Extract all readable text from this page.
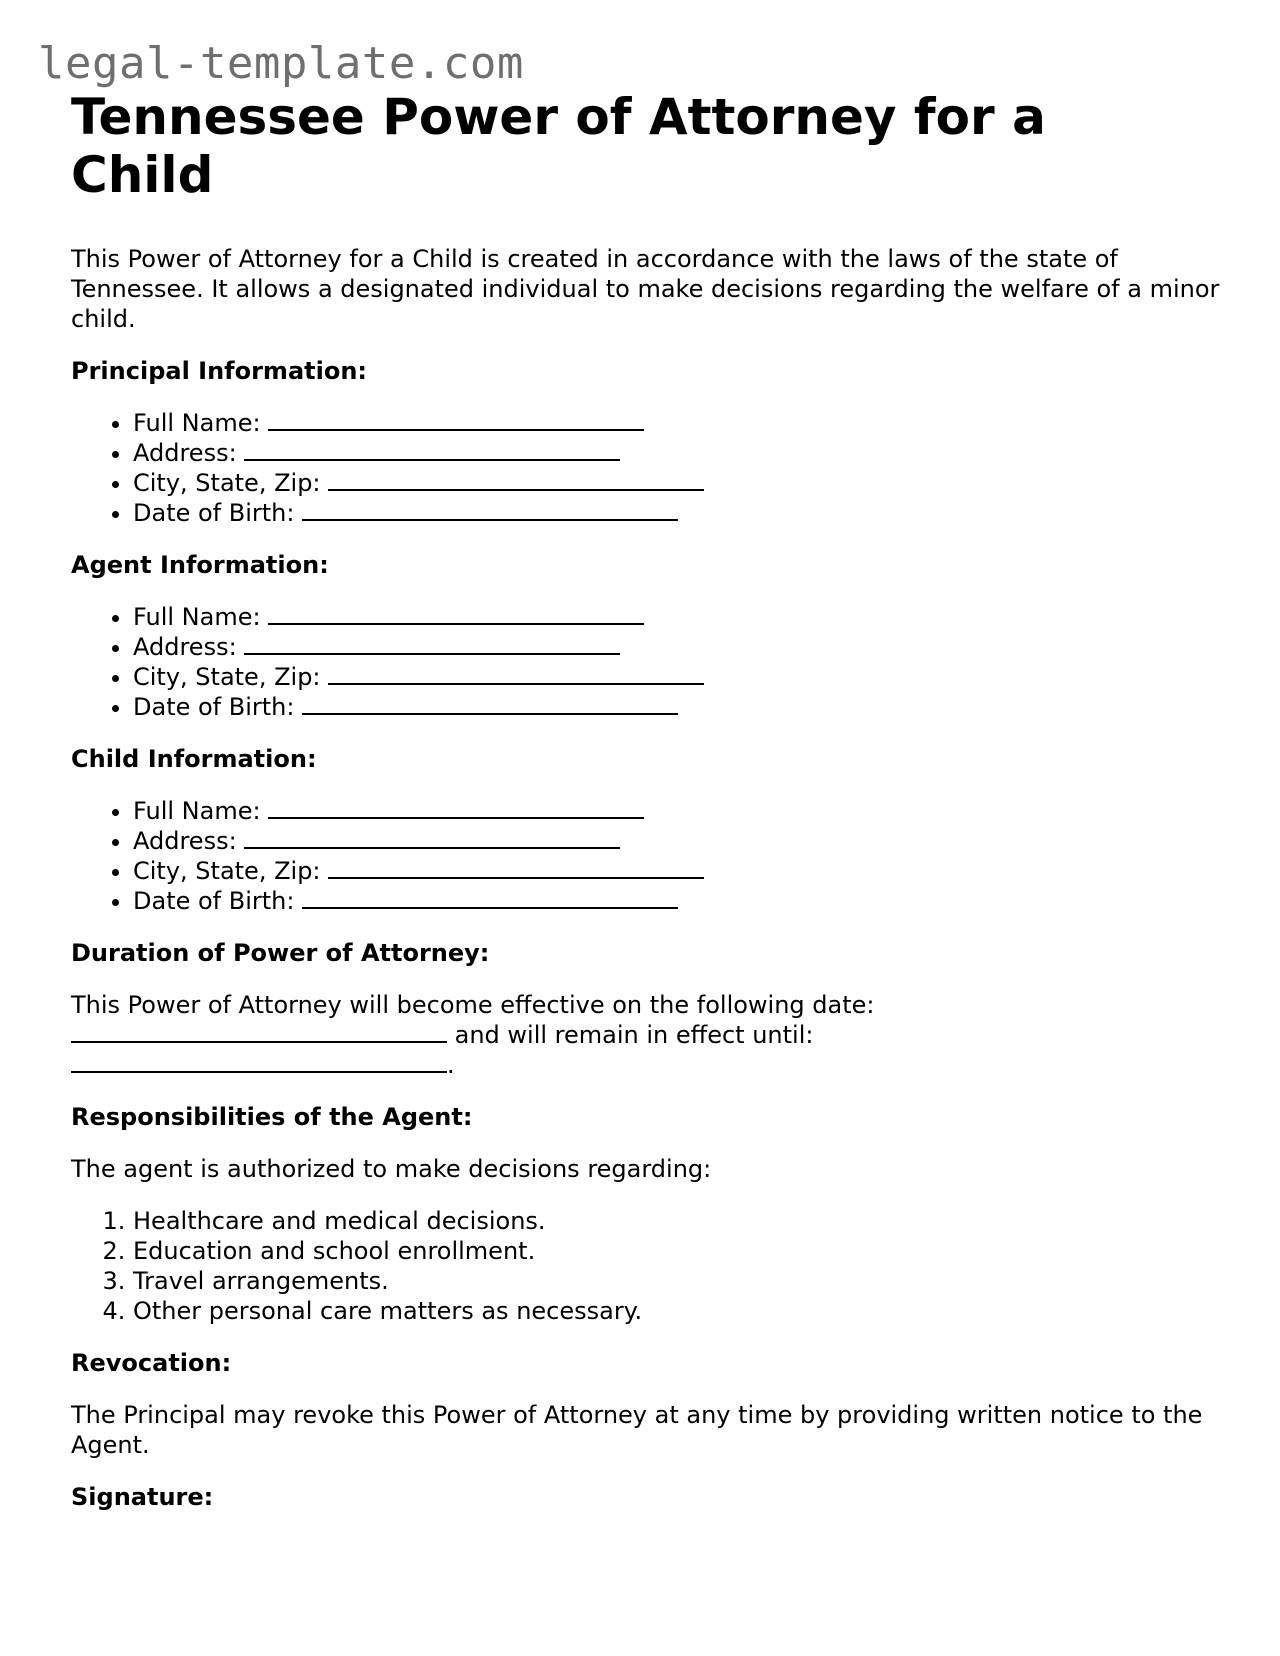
legal-template.com
Tennessee Power of Attorney for a Child

This Power of Attorney for a Child is created in accordance with the laws of the state of Tennessee. It allows a designated individual to make decisions regarding the welfare of a minor child.

Principal Information:
• Full Name:
• Address:
• City, State, Zip:
• Date of Birth:
Agent Information:
• Full Name:
• Address:
• City, State, Zip:
• Date of Birth:
Child Information:
• Full Name:
• Address:
• City, State, Zip:
• Date of Birth:
Duration of Power of Attorney:

This Power of Attorney will become effective on the following date:
and will remain in effect until:
.

Responsibilities of the Agent:

The agent is authorized to make decisions regarding:

1. Healthcare and medical decisions.
2. Education and school enrollment.
3. Travel arrangements.
4. Other personal care matters as necessary.
Revocation:

The Principal may revoke this Power of Attorney at any time by providing written notice to the Agent.

Signature:
